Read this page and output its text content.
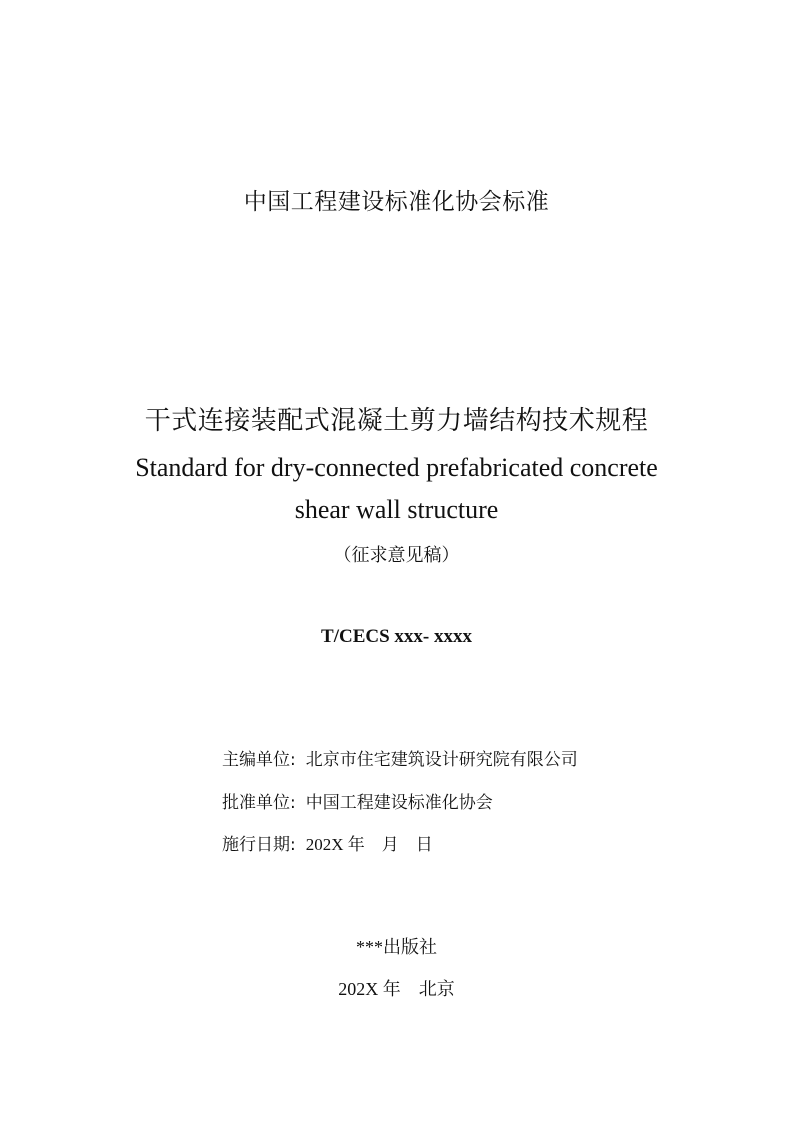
中国工程建设标准化协会标准
干式连接装配式混凝土剪力墙结构技术规程
Standard for dry-connected prefabricated concrete
shear wall structure
（征求意见稿）
T/CECS xxx- xxxx
主编单位: 北京市住宅建筑设计研究院有限公司
批准单位: 中国工程建设标准化协会
施行日期: 202X 年　月　日
***出版社
202X 年　北京
